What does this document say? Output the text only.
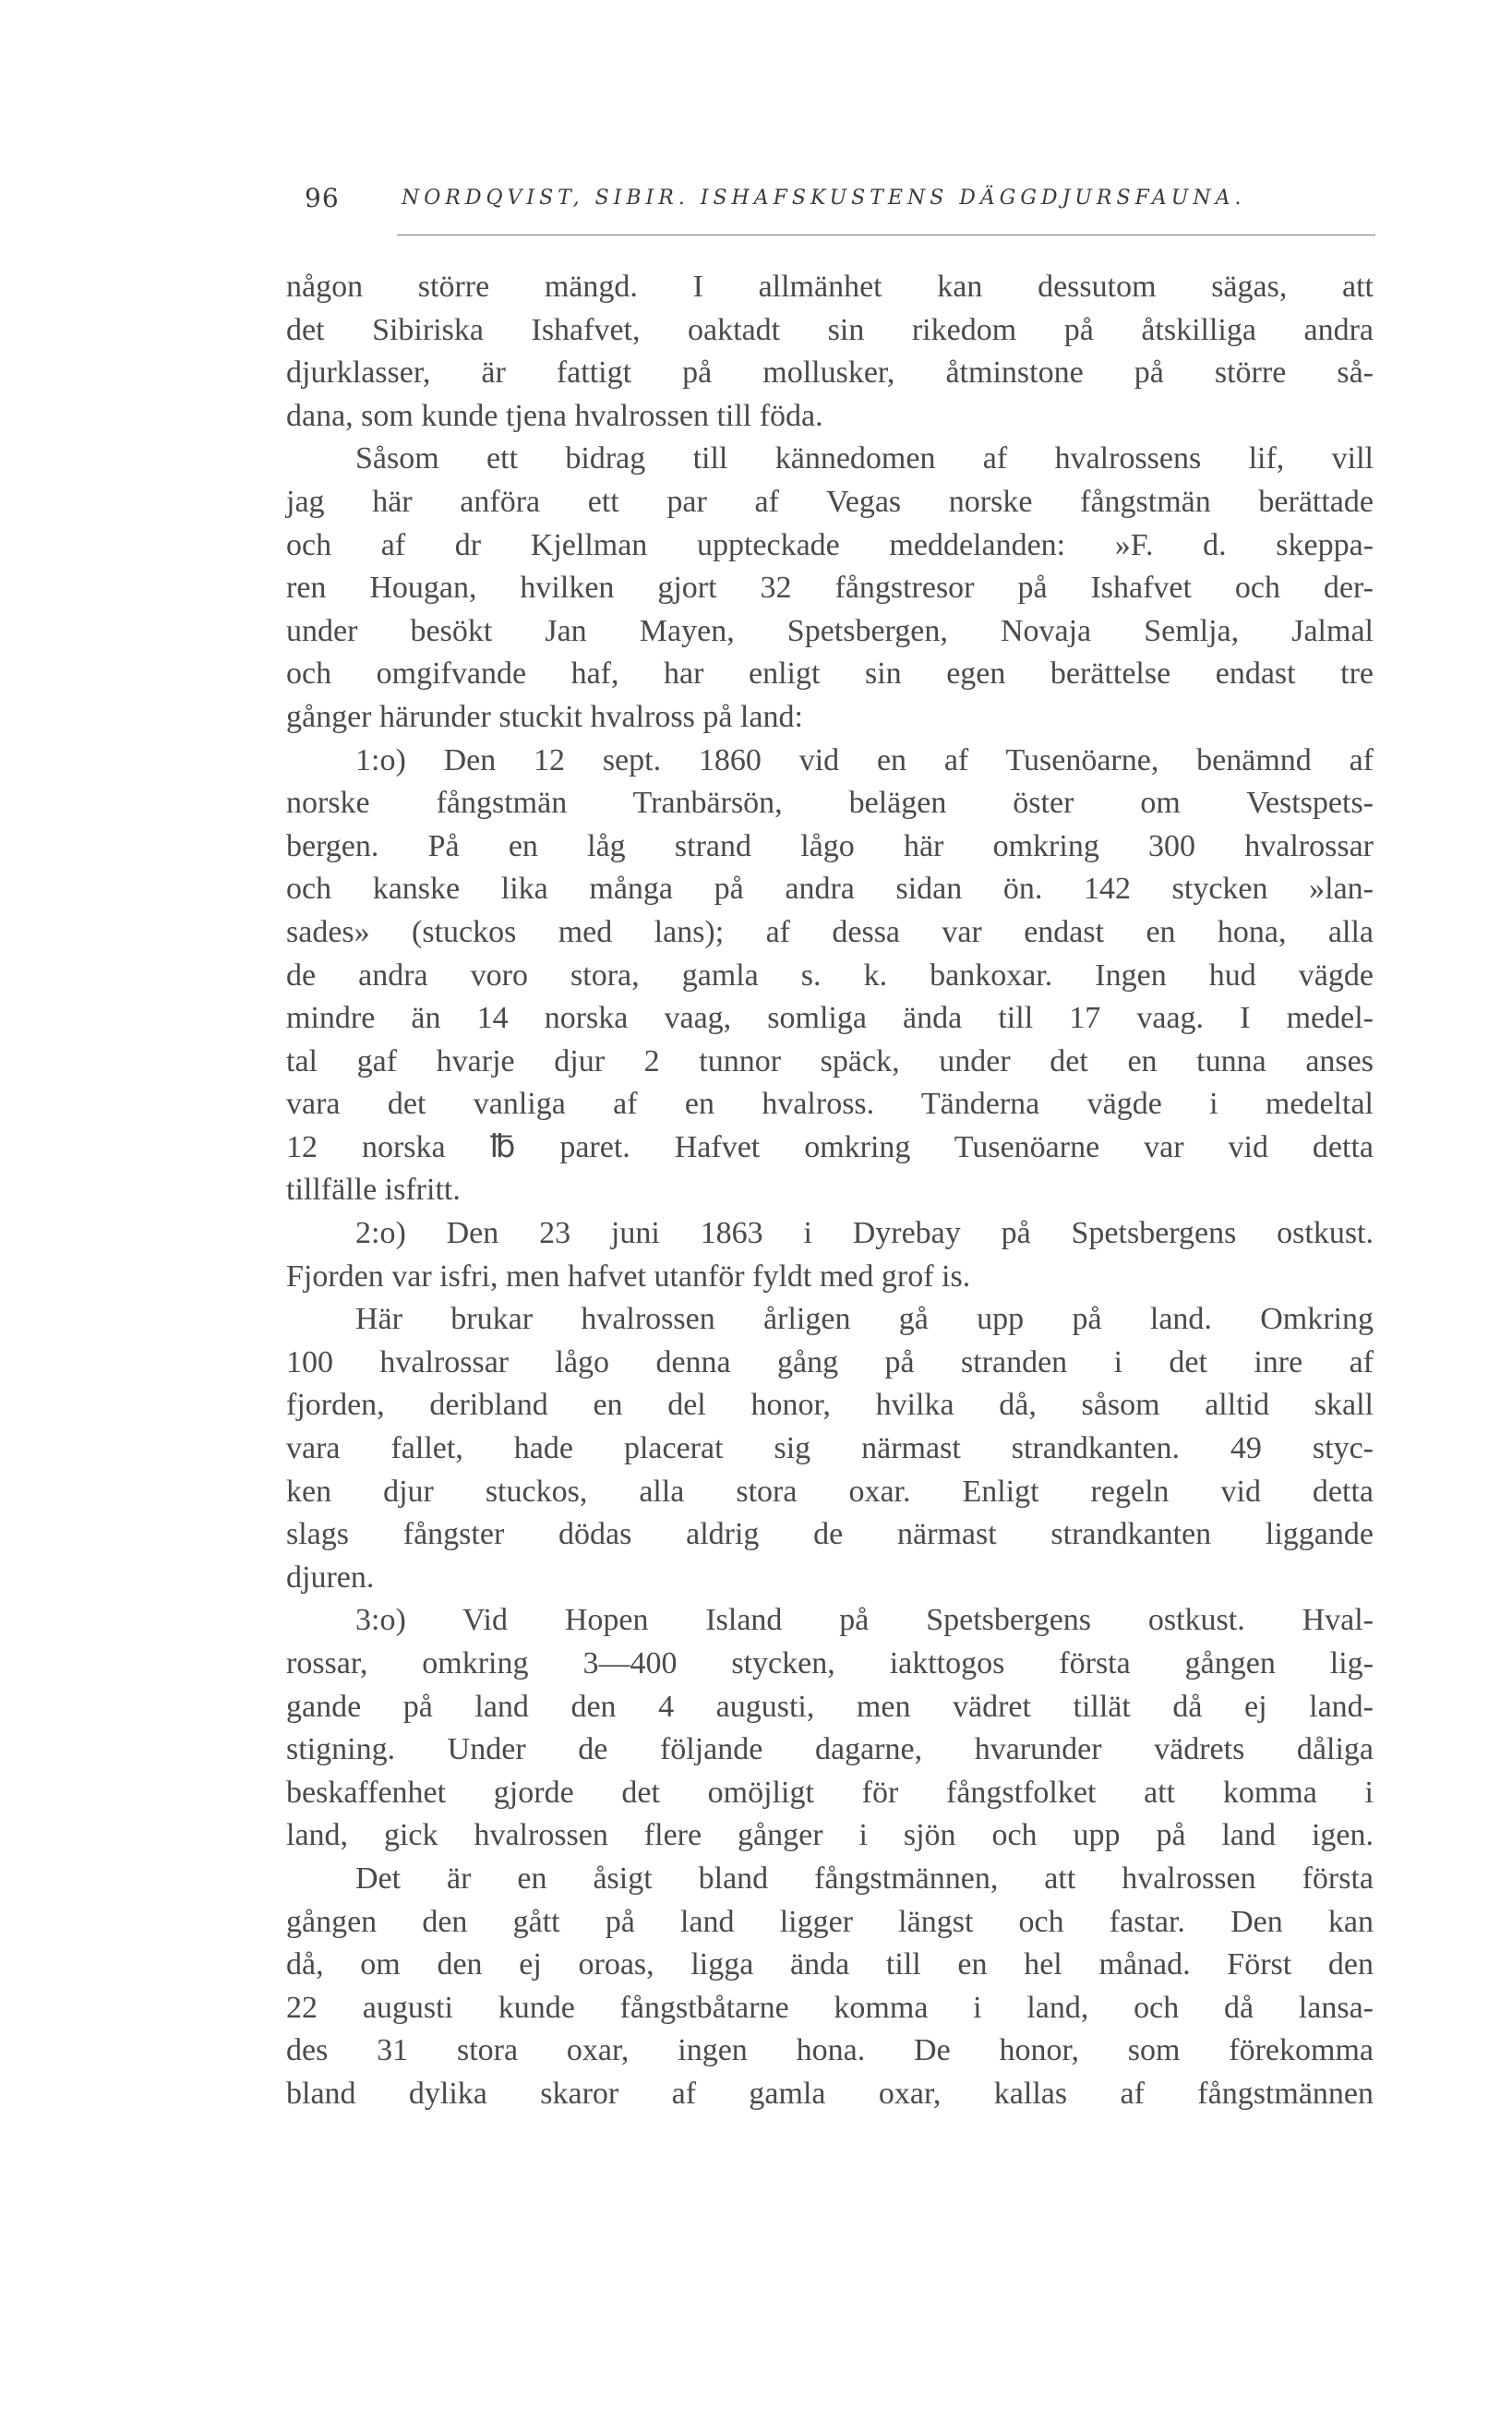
96	NORDQVIST, SIBIR. ISHAFSKUSTENS DÄGGDJURSFAUNA.
någon större mängd. I allmänhet kan dessutom sägas, att
det Sibiriska Ishafvet, oaktadt sin rikedom på åtskilliga andra
djurklasser, är fattigt på mollusker, åtminstone på större så-
dana, som kunde tjena hvalrossen till föda.
Såsom ett bidrag till kännedomen af hvalrossens lif, vill
jag här anföra ett par af Vegas norske fångstmän berättade
och af dr Kjellman uppteckade meddelanden: »F. d. skeppa-
ren Hougan, hvilken gjort 32 fångstresor på Ishafvet och der-
under besökt Jan Mayen, Spetsbergen, Novaja Semlja, Jalmal
och omgifvande haf, har enligt sin egen berättelse endast tre
gånger härunder stuckit hvalross på land:
1:o) Den 12 sept. 1860 vid en af Tusenöarne, benämnd af
norske fångstmän Tranbärsön, belägen öster om Vestspets-
bergen. På en låg strand lågo här omkring 300 hvalrossar
och kanske lika många på andra sidan ön. 142 stycken »lan-
sades» (stuckos med lans); af dessa var endast en hona, alla
de andra voro stora, gamla s. k. bankoxar. Ingen hud vägde
mindre än 14 norska vaag, somliga ända till 17 vaag. I medel-
tal gaf hvarje djur 2 tunnor späck, under det en tunna anses
vara det vanliga af en hvalross. Tänderna vägde i medeltal
12 norska ℔ paret. Hafvet omkring Tusenöarne var vid detta
tillfälle isfritt.
2:o) Den 23 juni 1863 i Dyrebay på Spetsbergens ostkust.
Fjorden var isfri, men hafvet utanför fyldt med grof is.
Här brukar hvalrossen årligen gå upp på land. Omkring
100 hvalrossar lågo denna gång på stranden i det inre af
fjorden, deribland en del honor, hvilka då, såsom alltid skall
vara fallet, hade placerat sig närmast strandkanten. 49 styc-
ken djur stuckos, alla stora oxar. Enligt regeln vid detta
slags fångster dödas aldrig de närmast strandkanten liggande
djuren.
3:o) Vid Hopen Island på Spetsbergens ostkust. Hval-
rossar, omkring 3—400 stycken, iakttogos första gången lig-
gande på land den 4 augusti, men vädret tillät då ej land-
stigning. Under de följande dagarne, hvarunder vädrets dåliga
beskaffenhet gjorde det omöjligt för fångstfolket att komma i
land, gick hvalrossen flere gånger i sjön och upp på land igen.
Det är en åsigt bland fångstmännen, att hvalrossen första
gången den gått på land ligger längst och fastar. Den kan
då, om den ej oroas, ligga ända till en hel månad. Först den
22 augusti kunde fångstbåtarne komma i land, och då lansa-
des 31 stora oxar, ingen hona. De honor, som förekomma
bland dylika skaror af gamla oxar, kallas af fångstmännen
